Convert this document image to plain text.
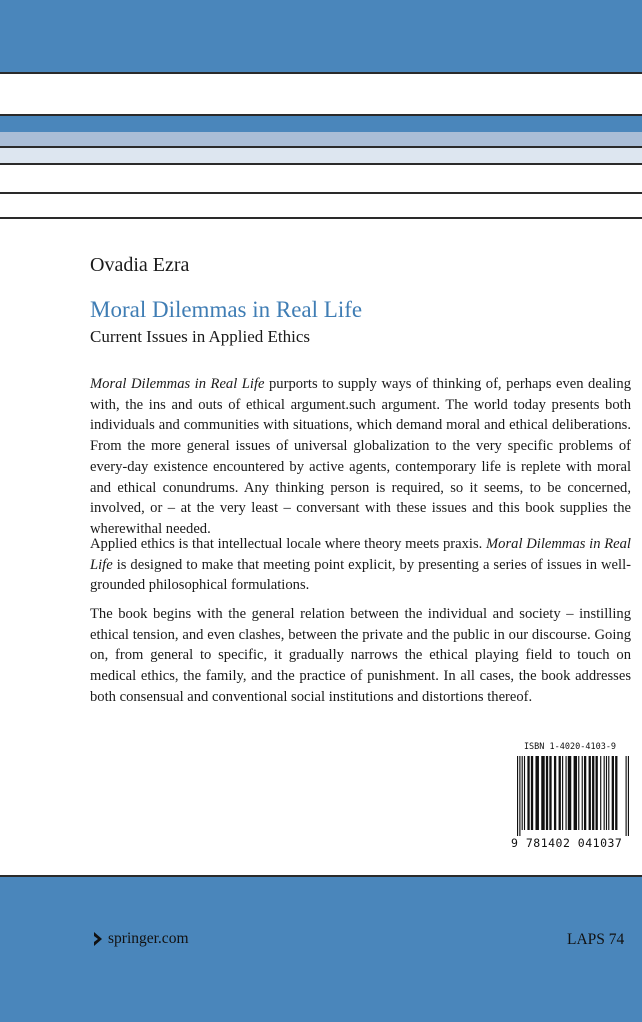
Ovadia Ezra
Moral Dilemmas in Real Life
Current Issues in Applied Ethics

Moral Dilemmas in Real Life purports to supply ways of thinking of, perhaps even dealing with, the ins and outs of ethical argument.such argument. The world today presents both individuals and communities with situations, which demand moral and ethical deliberations. From the more general issues of universal globalization to the very specific problems of every-day existence encountered by active agents, contemporary life is replete with moral and ethical conundrums. Any thinking person is required, so it seems, to be concerned, involved, or – at the very least – conversant with these issues and this book supplies the wherewithal needed.

Applied ethics is that intellectual locale where theory meets praxis. Moral Dilemmas in Real Life is designed to make that meeting point explicit, by presenting a series of issues in well-grounded philosophical formulations.

The book begins with the general relation between the individual and society – instilling ethical tension, and even clashes, between the private and the public in our discourse. Going on, from general to specific, it gradually narrows the ethical playing field to touch on medical ethics, the family, and the practice of punishment. In all cases, the book addresses both consensual and conventional social institutions and distortions thereof.

ISBN 1-4020-4103-9
9 781402 041037
springer.com	LAPS 74
